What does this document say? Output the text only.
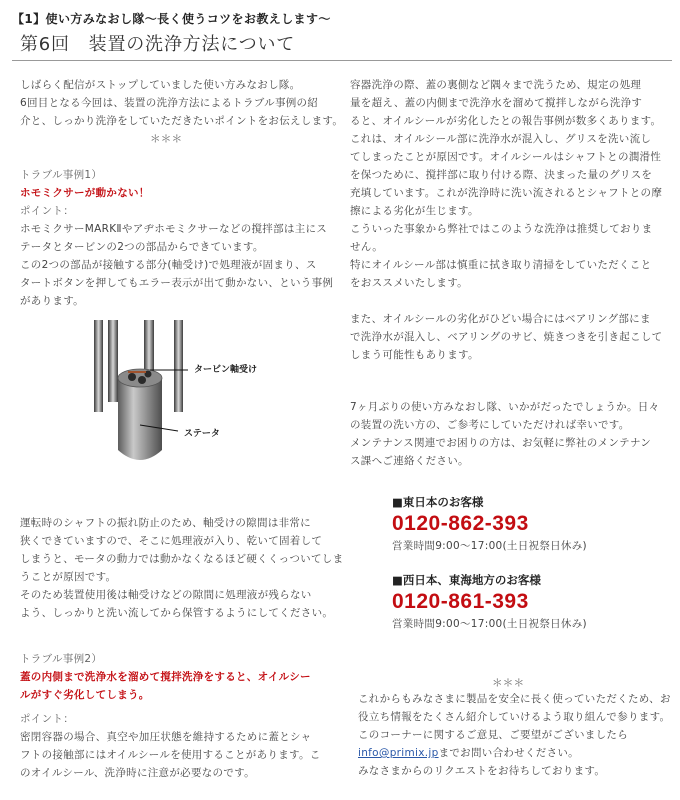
【1】使い方みなおし隊～長く使うコツをお教えします～
第6回　装置の洗浄方法について
しばらく配信がストップしていました使い方みなおし隊。
6回目となる今回は、装置の洗浄方法によるトラブル事例の紹
介と、しっかり洗浄をしていただきたいポイントをお伝えします。
＊＊＊
トラブル事例1）
ホモミクサーが動かない！
ポイント：
ホモミクサーMARKⅡやアヂホモミクサーなどの撹拌部は主にス
テータとタービンの2つの部品からできています。
この2つの部品が接触する部分(軸受け)で処理液が固まり、ス
タートボタンを押してもエラー表示が出て動かない、という事例
があります。
タービン軸受け
ステータ
運転時のシャフトの振れ防止のため、軸受けの隙間は非常に
狭くできていますので、そこに処理液が入り、乾いて固着して
しまうと、モータの動力では動かなくなるほど硬くくっついてしま
うことが原因です。
そのため装置使用後は軸受けなどの隙間に処理液が残らない
よう、しっかりと洗い流してから保管するようにしてください。
トラブル事例2）
蓋の内側まで洗浄水を溜めて撹拌洗浄をすると、オイルシー
ルがすぐ劣化してしまう。
ポイント：
密閉容器の場合、真空や加圧状態を維持するために蓋とシャ
フトの接触部にはオイルシールを使用することがあります。こ
のオイルシール、洗浄時に注意が必要なのです。
容器洗浄の際、蓋の裏側など隅々まで洗うため、規定の処理
量を超え、蓋の内側まで洗浄水を溜めて撹拌しながら洗浄す
ると、オイルシールが劣化したとの報告事例が数多くあります。
これは、オイルシール部に洗浄水が混入し、グリスを洗い流し
てしまったことが原因です。オイルシールはシャフトとの潤滑性
を保つために、撹拌部に取り付ける際、決まった量のグリスを
充填しています。これが洗浄時に洗い流されるとシャフトとの摩
擦による劣化が生じます。
こういった事象から弊社ではこのような洗浄は推奨しておりま
せん。
特にオイルシール部は慎重に拭き取り清掃をしていただくこと
をおススメいたします。
また、オイルシールの劣化がひどい場合にはベアリング部にま
で洗浄水が混入し、ベアリングのサビ、焼きつきを引き起こして
しまう可能性もあります。
7ヶ月ぶりの使い方みなおし隊、いかがだったでしょうか。日々
の装置の洗い方の、ご参考にしていただければ幸いです。
メンテナンス関連でお困りの方は、お気軽に弊社のメンテナン
ス課へご連絡ください。
■東日本のお客様
0120-862-393
営業時間9:00～17:00(土日祝祭日休み)
■西日本、東海地方のお客様
0120-861-393
営業時間9:00～17:00(土日祝祭日休み)
＊＊＊
これからもみなさまに製品を安全に長く使っていただくため、お
役立ち情報をたくさん紹介していけるよう取り組んで参ります。
このコーナーに関するご意見、ご要望がございましたら
info@primix.jpまでお問い合わせください。
みなさまからのリクエストをお待ちしております。
